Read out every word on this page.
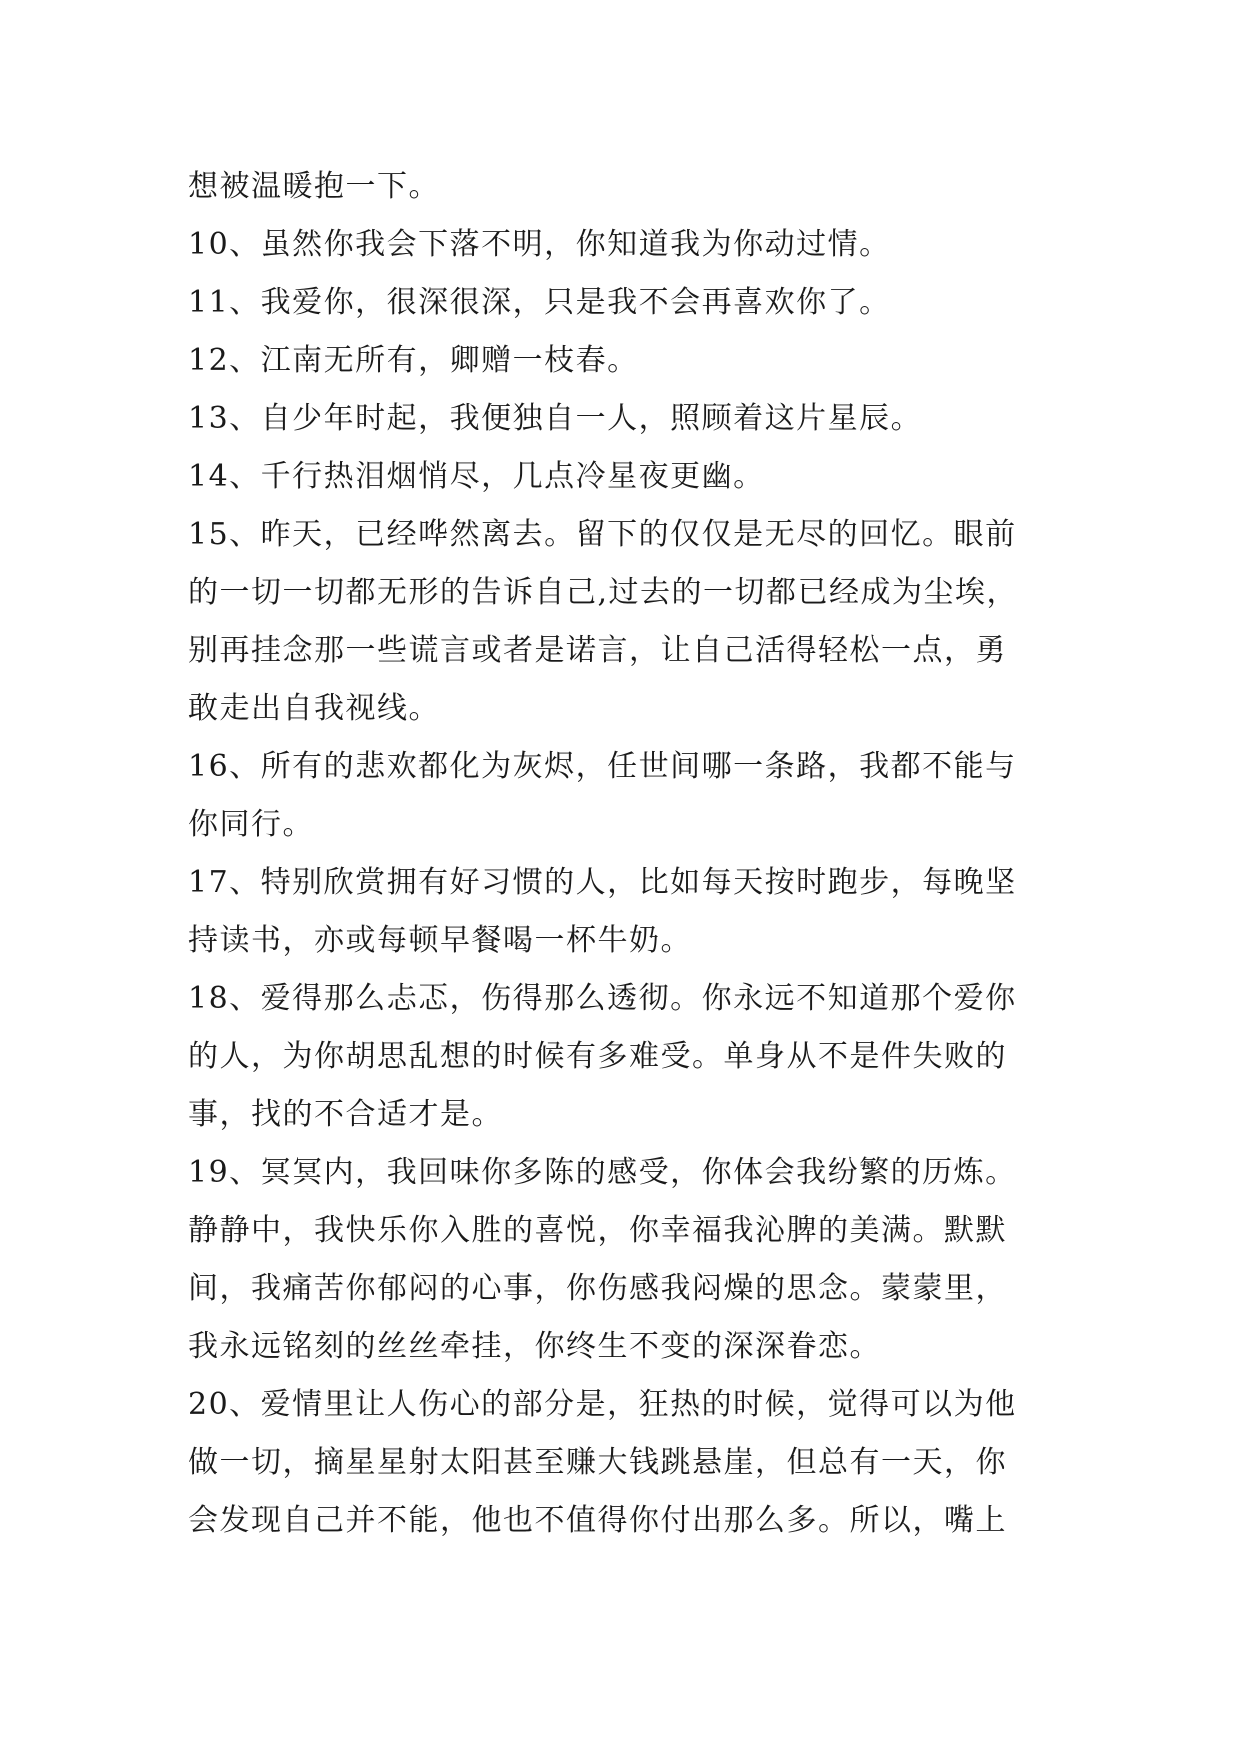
想被温暖抱一下。
10、虽然你我会下落不明，你知道我为你动过情。
11、我爱你，很深很深，只是我不会再喜欢你了。
12、江南无所有，卿赠一枝春。
13、自少年时起，我便独自一人，照顾着这片星辰。
14、千行热泪烟悄尽，几点冷星夜更幽。
15、昨天，已经哗然离去。留下的仅仅是无尽的回忆。眼前
的一切一切都无形的告诉自己,过去的一切都已经成为尘埃，
别再挂念那一些谎言或者是诺言，让自己活得轻松一点，勇
敢走出自我视线。
16、所有的悲欢都化为灰烬，任世间哪一条路，我都不能与
你同行。
17、特别欣赏拥有好习惯的人，比如每天按时跑步，每晚坚
持读书，亦或每顿早餐喝一杯牛奶。
18、爱得那么忐忑，伤得那么透彻。你永远不知道那个爱你
的人，为你胡思乱想的时候有多难受。单身从不是件失败的
事，找的不合适才是。
19、冥冥内，我回味你多陈的感受，你体会我纷繁的历炼。
静静中，我快乐你入胜的喜悦，你幸福我沁脾的美满。默默
间，我痛苦你郁闷的心事，你伤感我闷燥的思念。蒙蒙里，
我永远铭刻的丝丝牵挂，你终生不变的深深眷恋。
20、爱情里让人伤心的部分是，狂热的时候，觉得可以为他
做一切，摘星星射太阳甚至赚大钱跳悬崖，但总有一天，你
会发现自己并不能，他也不值得你付出那么多。所以，嘴上
